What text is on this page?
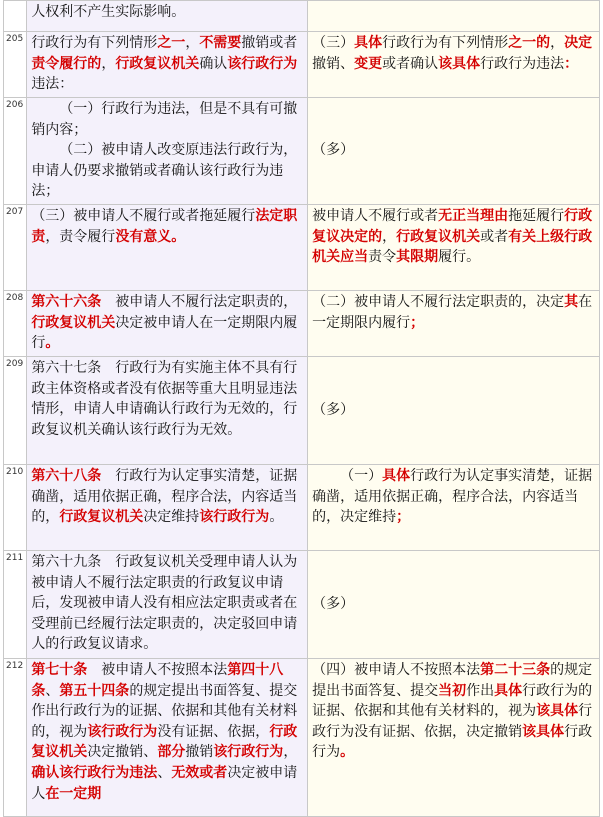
	人权利不产生实际影响。	
205	行政行为有下列情形之一，不需要撤销或者责令履行的，行政复议机关确认该行政行为违法：	（三）具体行政行为有下列情形之一的，决定撤销、变更或者确认该具体行政行为违法：
206	（一）行政行为违法，但是不具有可撤销内容；
（二）被申请人改变原违法行政行为，申请人仍要求撤销或者确认该行政行为违法；	（多）
207	（三）被申请人不履行或者拖延履行法定职责，责令履行没有意义。	被申请人不履行或者无正当理由拖延履行行政复议决定的，行政复议机关或者有关上级行政机关应当责令其限期履行。
208	第六十六条　被申请人不履行法定职责的，行政复议机关决定被申请人在一定期限内履行。	（二）被申请人不履行法定职责的，决定其在一定期限内履行；
209	第六十七条　行政行为有实施主体不具有行政主体资格或者没有依据等重大且明显违法情形，申请人申请确认行政行为无效的，行政复议机关确认该行政行为无效。	（多）
210	第六十八条　行政行为认定事实清楚，证据确凿，适用依据正确，程序合法，内容适当的，行政复议机关决定维持该行政行为。	（一）具体行政行为认定事实清楚，证据确凿，适用依据正确，程序合法，内容适当的，决定维持；
211	第六十九条　行政复议机关受理申请人认为被申请人不履行法定职责的行政复议申请后，发现被申请人没有相应法定职责或者在受理前已经履行法定职责的，决定驳回申请人的行政复议请求。	（多）
212	第七十条　被申请人不按照本法第四十八条、第五十四条的规定提出书面答复、提交作出行政行为的证据、依据和其他有关材料的，视为该行政行为没有证据、依据，行政复议机关决定撤销、部分撤销该行政行为，确认该行政行为违法、无效或者决定被申请人在一定期	（四）被申请人不按照本法第二十三条的规定提出书面答复、提交当初作出具体行政行为的证据、依据和其他有关材料的，视为该具体行政行为没有证据、依据，决定撤销该具体行政行为。
